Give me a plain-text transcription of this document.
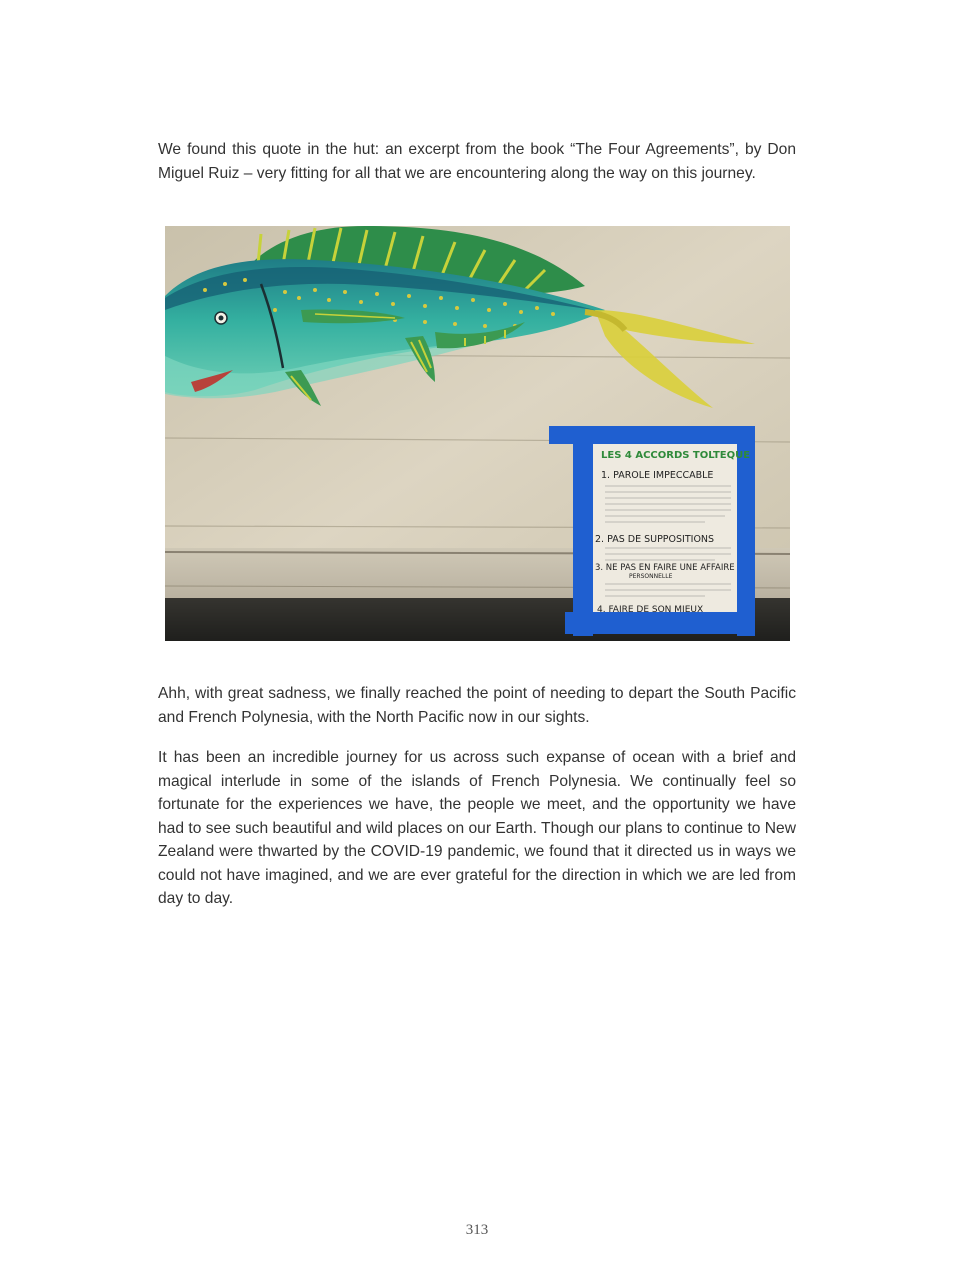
We found this quote in the hut: an excerpt from the book “The Four Agreements”, by Don Miguel Ruiz – very fitting for all that we are encountering along the way on this journey.

LES 4 ACCORDS TOLTEQUE
1. PAROLE IMPECCABLE
2. PAS DE SUPPOSITIONS
3. NE PAS EN FAIRE UNE AFFAIRE
PERSONNELLE
4. FAIRE DE SON MIEUX

Ahh, with great sadness, we finally reached the point of needing to depart the South Pacific and French Polynesia, with the North Pacific now in our sights.

It has been an incredible journey for us across such expanse of ocean with a brief and magical interlude in some of the islands of French Polynesia. We continually feel so fortunate for the experiences we have, the people we meet, and the opportunity we have had to see such beautiful and wild places on our Earth. Though our plans to continue to New Zealand were thwarted by the COVID-19 pandemic, we found that it directed us in ways we could not have imagined, and we are ever grateful for the direction in which we are led from day to day.

313
